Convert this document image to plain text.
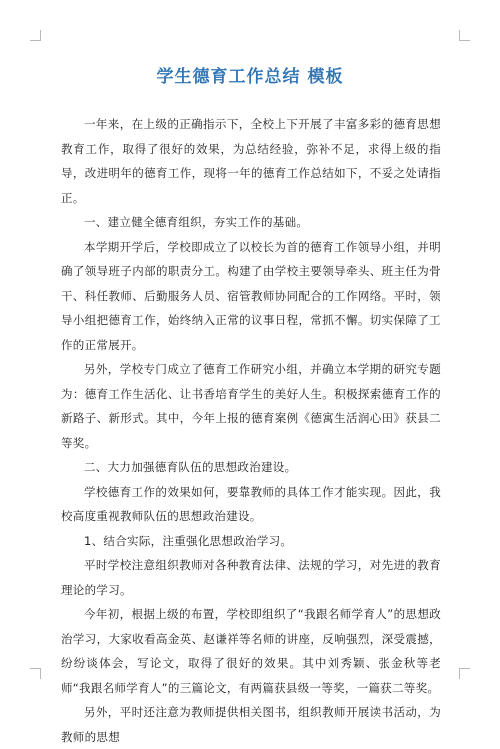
学生德育工作总结 模板

一年来，在上级的正确指示下，全校上下开展了丰富多彩的德育思想教育工作，取得了很好的效果，为总结经验，弥补不足，求得上级的指导，改进明年的德育工作，现将一年的德育工作总结如下，不妥之处请指正。

一、建立健全德育组织，夯实工作的基础。

本学期开学后，学校即成立了以校长为首的德育工作领导小组，并明确了领导班子内部的职责分工。构建了由学校主要领导牵头、班主任为骨干、科任教师、后勤服务人员、宿管教师协同配合的工作网络。平时，领导小组把德育工作，始终纳入正常的议事日程，常抓不懈。切实保障了工作的正常展开。

另外，学校专门成立了德育工作研究小组，并确立本学期的研究专题为：德育工作生活化、让书香培育学生的美好人生。积极探索德育工作的新路子、新形式。其中，今年上报的德育案例《德寓生活润心田》获县二等奖。

二、大力加强德育队伍的思想政治建设。

学校德育工作的效果如何，要靠教师的具体工作才能实现。因此，我校高度重视教师队伍的思想政治建设。

1、结合实际，注重强化思想政治学习。

平时学校注意组织教师对各种教育法律、法规的学习，对先进的教育理论的学习。

今年初，根据上级的布置，学校即组织了“我跟名师学育人”的思想政治学习，大家收看高金英、赵谦祥等名师的讲座，反响强烈，深受震撼，纷纷谈体会，写论文，取得了很好的效果。其中刘秀颖、张金秋等老师“我跟名师学育人”的三篇论文，有两篇获县级一等奖，一篇获二等奖。

另外，平时还注意为教师提供相关图书，组织教师开展读书活动，为教师的思想
